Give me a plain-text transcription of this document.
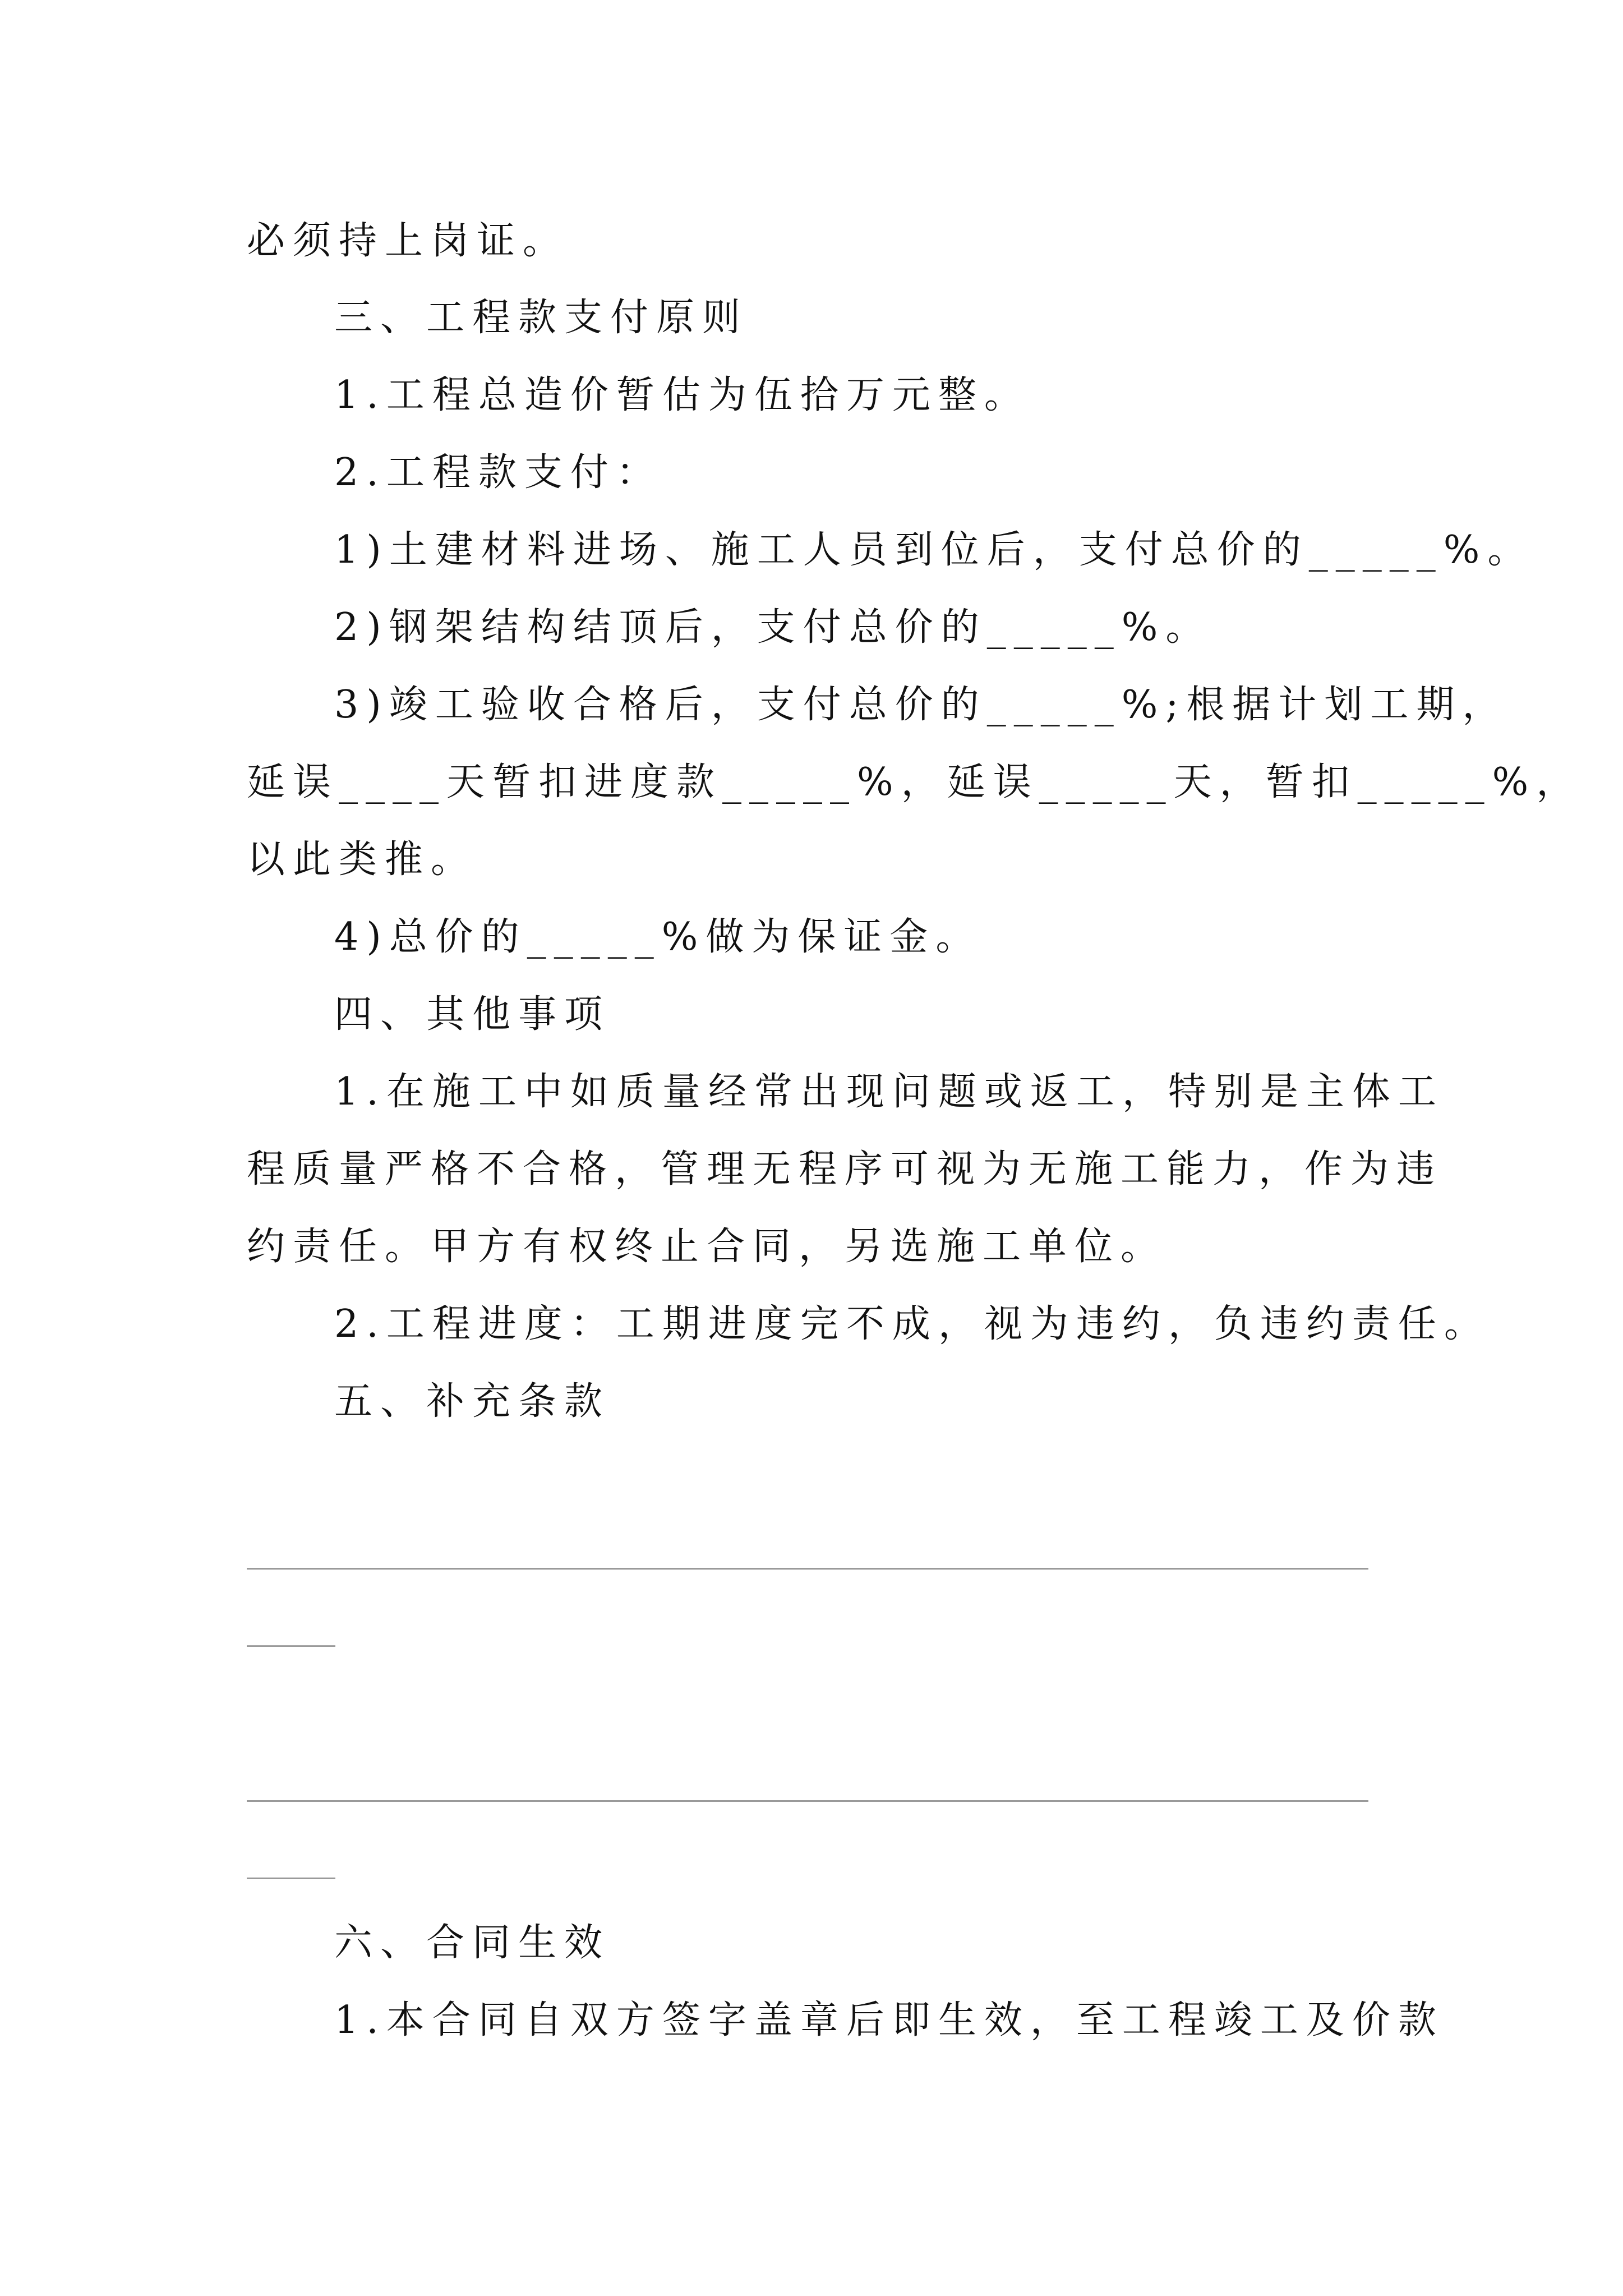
必须持上岗证。
三、工程款支付原则
1.工程总造价暂估为伍拾万元整。
2.工程款支付：
1)土建材料进场、施工人员到位后，支付总价的_____%。
2)钢架结构结顶后，支付总价的_____%。
3)竣工验收合格后，支付总价的_____%;根据计划工期，
延误____天暂扣进度款_____%，延误_____天，暂扣_____%，
以此类推。
4)总价的_____%做为保证金。
四、其他事项
1.在施工中如质量经常出现问题或返工，特别是主体工
程质量严格不合格，管理无程序可视为无施工能力，作为违
约责任。甲方有权终止合同，另选施工单位。
2.工程进度：工期进度完不成，视为违约，负违约责任。
五、补充条款
六、合同生效
1.本合同自双方签字盖章后即生效，至工程竣工及价款
